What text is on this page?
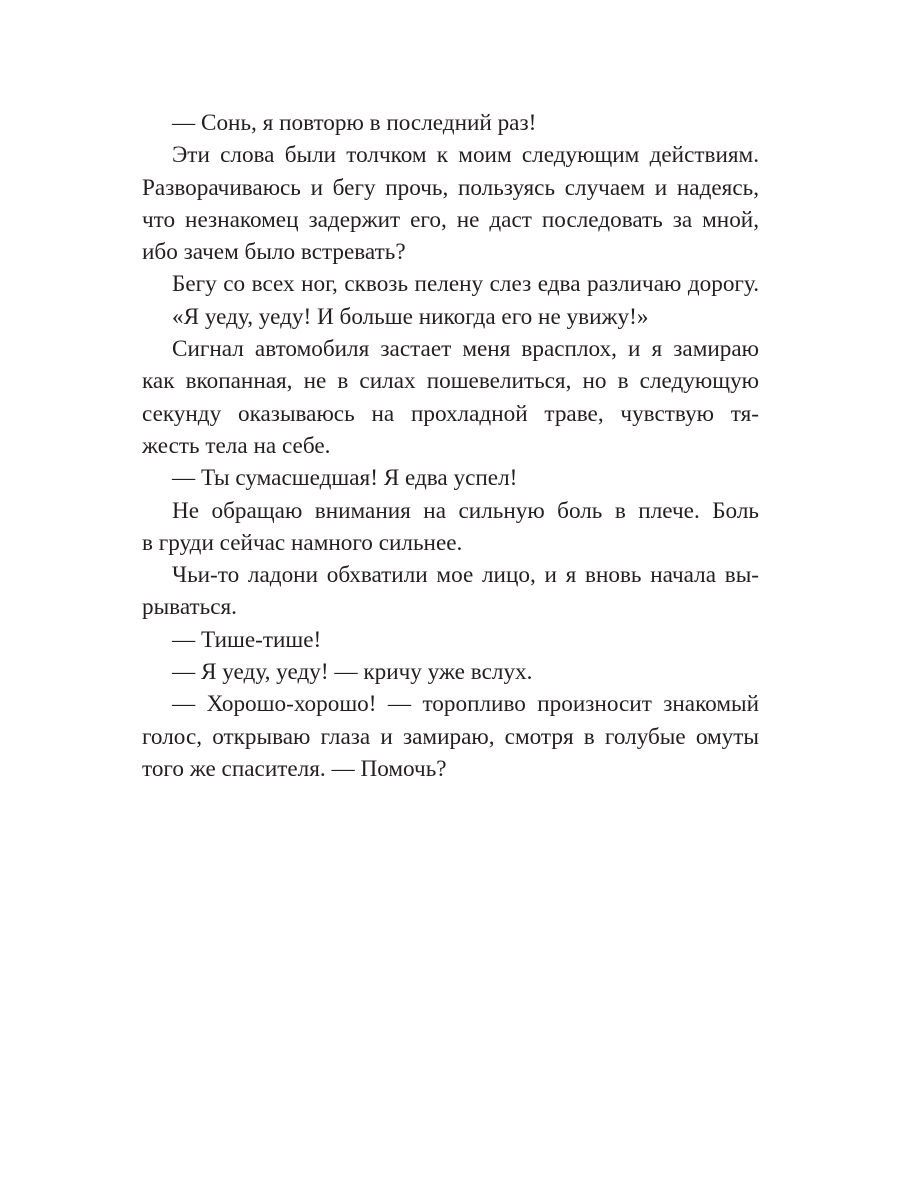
— Сонь, я повторю в последний раз!
Эти слова были толчком к моим следующим действиям.
Разворачиваюсь и бегу прочь, пользуясь случаем и надеясь,
что незнакомец задержит его, не даст последовать за мной,
ибо зачем было встревать?
Бегу со всех ног, сквозь пелену слез едва различаю дорогу.
«Я уеду, уеду! И больше никогда его не увижу!»
Сигнал автомобиля застает меня врасплох, и я замираю
как вкопанная, не в силах пошевелиться, но в следующую
секунду оказываюсь на прохладной траве, чувствую тя-
жесть тела на себе.
— Ты сумасшедшая! Я едва успел!
Не обращаю внимания на сильную боль в плече. Боль
в груди сейчас намного сильнее.
Чьи-то ладони обхватили мое лицо, и я вновь начала вы-
рываться.
— Тише-тише!
— Я уеду, уеду! — кричу уже вслух.
— Хорошо-хорошо! — торопливо произносит знакомый
голос, открываю глаза и замираю, смотря в голубые омуты
того же спасителя. — Помочь?
